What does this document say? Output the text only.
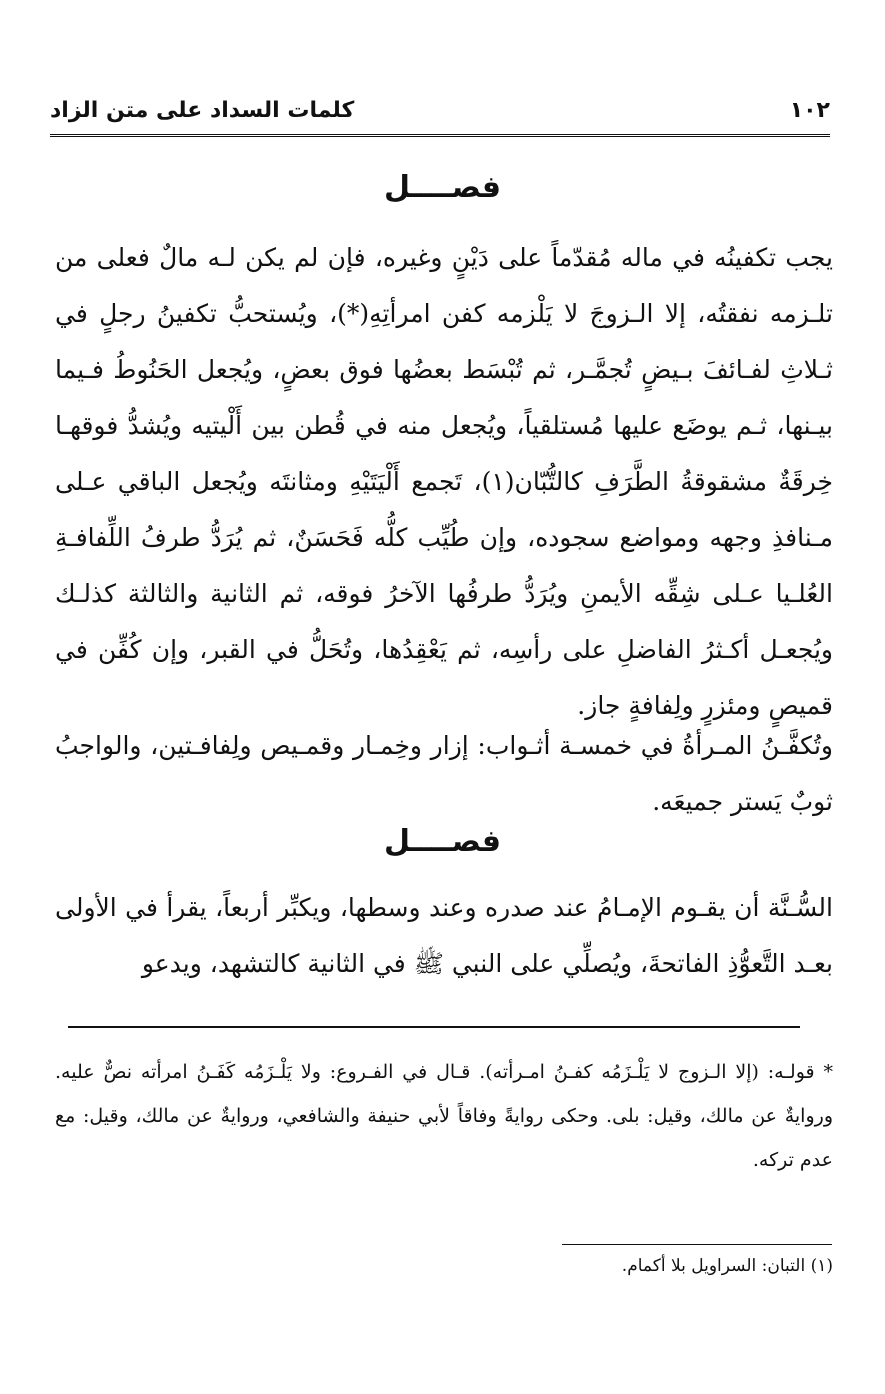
١٠٢
كلمات السداد على متن الزاد
فصــــل
يجب تكفينُه في ماله مُقدّماً على دَيْنٍ وغيره، فإن لم يكن لـه مالٌ فعلى من تلـزمه نفقتُه، إلا الـزوجَ لا يَلْزمه كفن امرأتِهِ(*)، ويُستحبُّ تكفينُ رجلٍ في ثـلاثِ لفـائفَ بـيضٍ تُجمَّـر، ثم تُبْسَط بعضُها فوق بعضٍ، ويُجعل الحَنُوطُ فـيما بيـنها، ثـم يوضَع عليها مُستلقياً، ويُجعل منه في قُطن بين أَلْيتيه ويُشدُّ فوقهـا خِرقَةٌ مشقوقةُ الطَّرَفِ كالتُّبّان(١)، تَجمع أَلْيَتَيْهِ ومثانتَه ويُجعل الباقي عـلى مـنافذِ وجهه ومواضع سجوده، وإن طُيِّب كلُّه فَحَسَنٌ، ثم يُرَدُّ طرفُ اللِّفافـةِ العُلـيا عـلى شِقِّه الأيمنِ ويُرَدُّ طرفُها الآخرُ فوقه، ثم الثانية والثالثة كذلـك ويُجعـل أكـثرُ الفاضلِ على رأسِه، ثم يَعْقِدُها، وتُحَلُّ في القبر، وإن كُفِّن في قميصٍ ومئزرٍ ولِفافةٍ جاز.
وتُكفَّـنُ المـرأةُ في خمسـة أثـواب: إزار وخِمـار وقمـيص ولِفافـتين، والواجبُ ثوبٌ يَستر جميعَه.
فصــــل
السُّـنَّة أن يقـوم الإمـامُ عند صدره وعند وسطها، ويكبِّر أربعاً، يقرأ في الأولى بعـد التَّعوُّذِ الفاتحةَ، ويُصلِّي على النبي ﷺ في الثانية كالتشهد، ويدعو
* قولـه: (إلا الـزوج لا يَلْـزَمُه كفـنُ امـرأته). قـال في الفـروع: ولا يَلْـزَمُه كَفَـنُ امرأته نصٌّ عليه. وروايةٌ عن مالك، وقيل: بلى. وحكى روايةً وفاقاً لأبي حنيفة والشافعي، وروايةٌ عن مالك، وقيل: مع عدم تركه.
(١) التبان: السراويل بلا أكمام.
